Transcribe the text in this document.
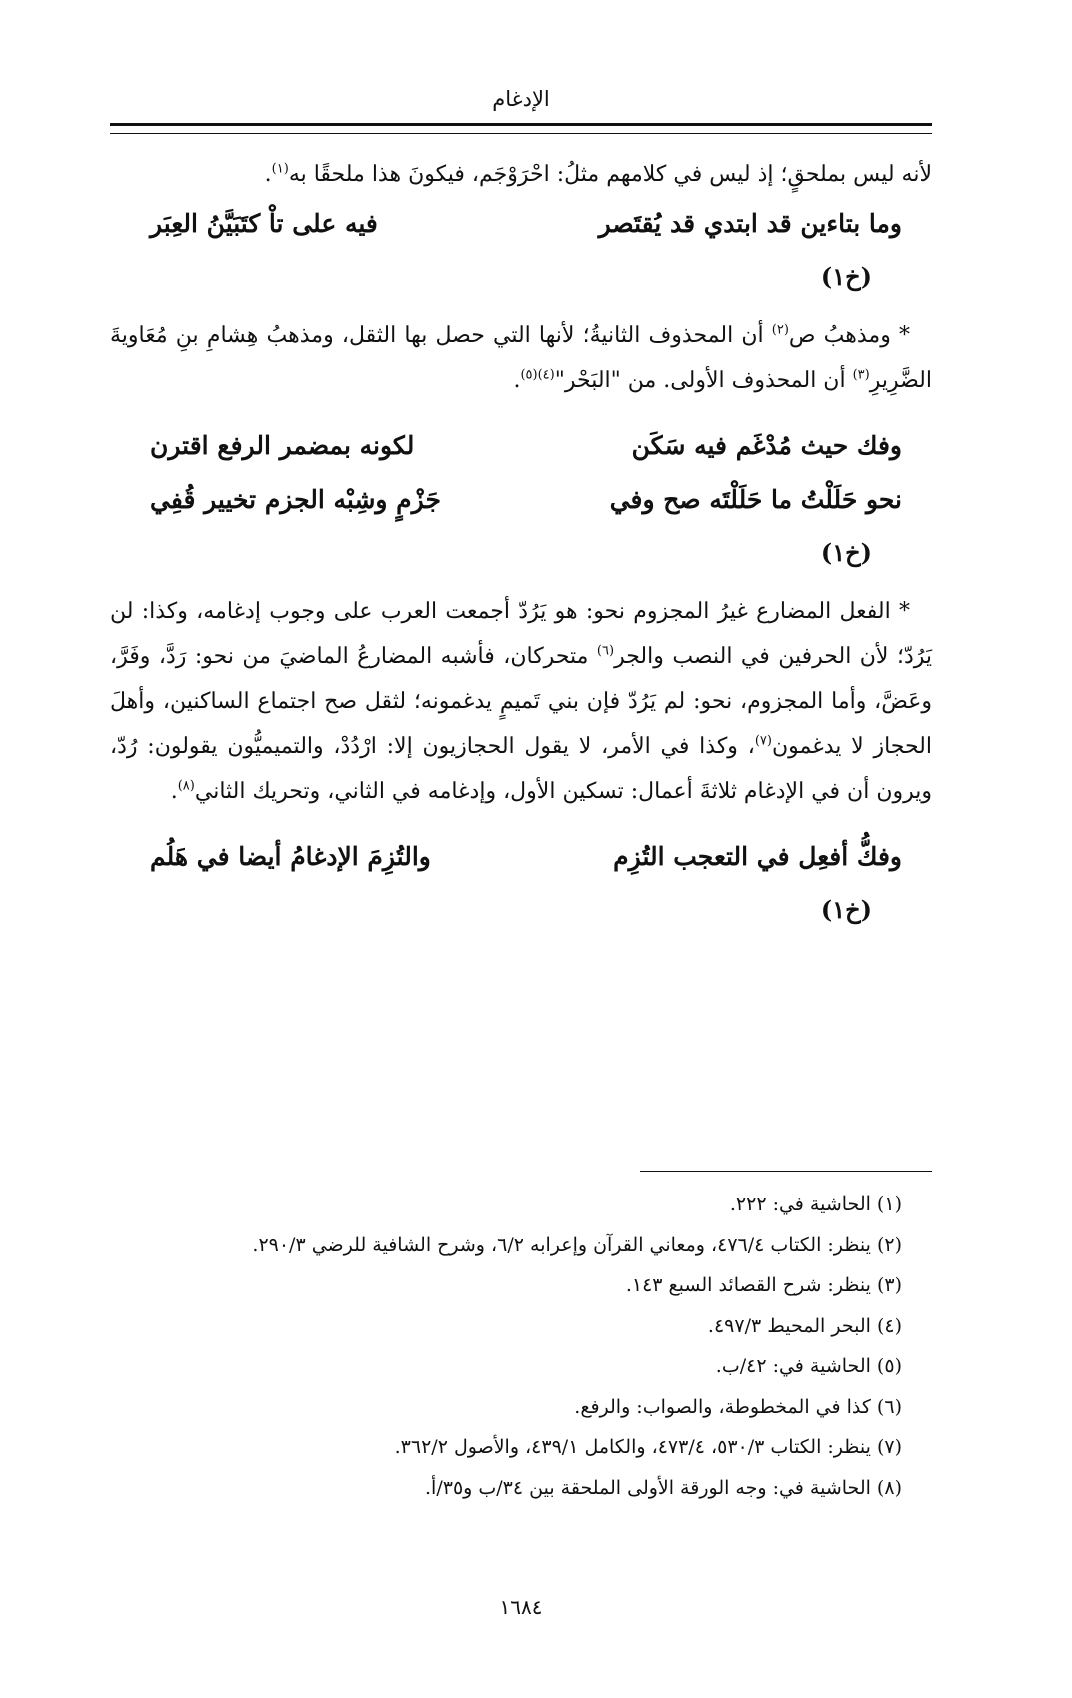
الإدغام

لأنه ليس بملحقٍ؛ إذ ليس في كلامهم مثلُ: احْرَوْجَم، فيكونَ هذا ملحقًا به$^{(١)}$.

وما بتاءين قد ابتدي قد يُقتَصر
فيه على تاْ كتَبَيَّنُ العِبَر
(خ١)

* ومذهبُ ص$^{(٢)}$ أن المحذوف الثانيةُ؛ لأنها التي حصل بها الثقل، ومذهبُ هِشامِ بنِ مُعَاويةَ الضَّرِيرِ$^{(٣)}$ أن المحذوف الأولى. من "البَحْر"$^{(٤)(٥)}$.

وفك حيث مُدْغَم فيه سَكَن
لكونه بمضمر الرفع اقترن
نحو حَلَلْتُ ما حَلَلْتَه صح وفي
جَزْمٍ وشِبْه الجزم تخيير قُفِي
(خ١)

* الفعل المضارع غيرُ المجزوم نحو: هو يَرُدّ أجمعت العرب على وجوب إدغامه، وكذا: لن يَرُدّ؛ لأن الحرفين في النصب والجر$^{(٦)}$ متحركان، فأشبه المضارعُ الماضيَ من نحو: رَدَّ، وفَرَّ، وعَضَّ، وأما المجزوم، نحو: لم يَرُدّ فإن بني تَميمٍ يدغمونه؛ لثقل صح اجتماع الساكنين، وأهلَ الحجاز لا يدغمون$^{(٧)}$، وكذا في الأمر، لا يقول الحجازيون إلا: ارْدُدْ، والتميميُّون يقولون: رُدّ، ويرون أن في الإدغام ثلاثةَ أعمال: تسكين الأول، وإدغامه في الثاني، وتحريك الثاني$^{(٨)}$.

وفكُّ أفعِل في التعجب التُزِم
والتُزِمَ الإدغامُ أيضا في هَلُم
(خ١)
(١) الحاشية في: ٢٢٢.
(٢) ينظر: الكتاب ٤٧٦/٤، ومعاني القرآن وإعرابه ٦/٢، وشرح الشافية للرضي ٢٩٠/٣.
(٣) ينظر: شرح القصائد السبع ١٤٣.
(٤) البحر المحيط ٤٩٧/٣.
(٥) الحاشية في: ٤٢/ب.
(٦) كذا في المخطوطة، والصواب: والرفع.
(٧) ينظر: الكتاب ٥٣٠/٣، ٤٧٣/٤، والكامل ٤٣٩/١، والأصول ٣٦٢/٢.
(٨) الحاشية في: وجه الورقة الأولى الملحقة بين ٣٤/ب و٣٥/أ.
١٦٨٤
